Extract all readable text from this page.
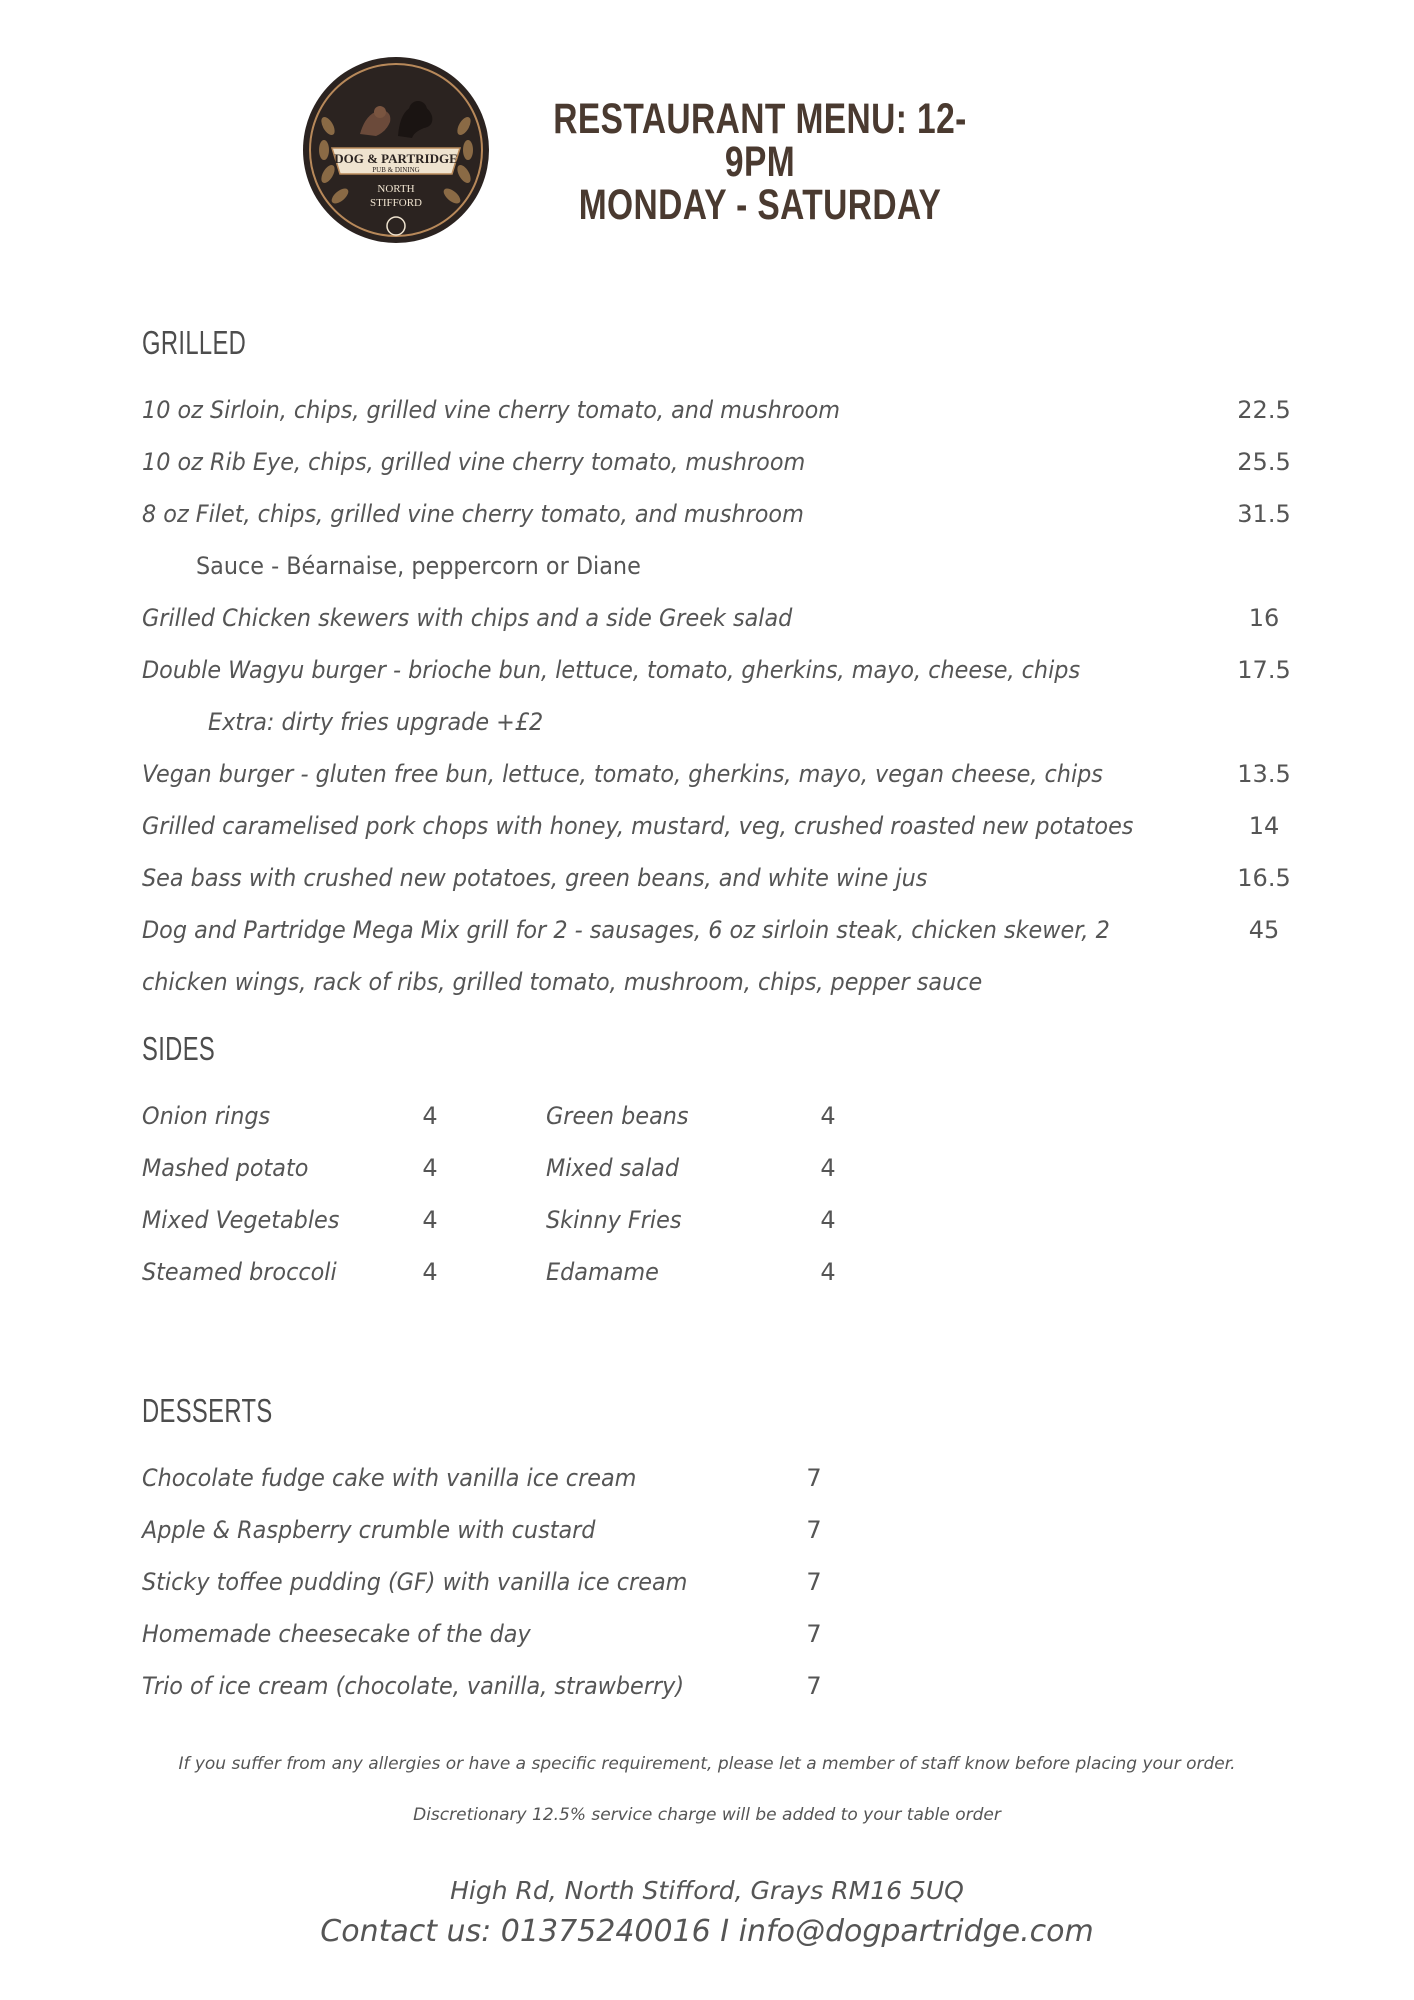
DOG & PARTRIDGE
PUB & DINING
NORTH
STIFFORD
RESTAURANT MENU: 12-9PM
MONDAY - SATURDAY
GRILLED
10 oz Sirloin, chips, grilled vine cherry tomato, and mushroom	22.5
10 oz Rib Eye, chips, grilled vine cherry tomato, mushroom	25.5
8 oz Filet, chips, grilled vine cherry tomato, and mushroom	31.5
Sauce - Béarnaise, peppercorn or Diane
Grilled Chicken skewers with chips and a side Greek salad	16
Double Wagyu burger - brioche bun, lettuce, tomato, gherkins, mayo, cheese, chips	17.5
Extra: dirty fries upgrade +£2
Vegan burger - gluten free bun, lettuce, tomato, gherkins, mayo, vegan cheese, chips	13.5
Grilled caramelised pork chops with honey, mustard, veg, crushed roasted new potatoes	14
Sea bass with crushed new potatoes, green beans, and white wine jus	16.5
Dog and Partridge Mega Mix grill for 2 - sausages, 6 oz sirloin steak, chicken skewer, 2	45
chicken wings, rack of ribs, grilled tomato, mushroom, chips, pepper sauce
SIDES
Onion rings	4
Mashed potato	4
Mixed Vegetables	4
Steamed broccoli	4
Green beans	4
Mixed salad	4
Skinny Fries	4
Edamame	4
DESSERTS
Chocolate fudge cake with vanilla ice cream	7
Apple & Raspberry crumble with custard	7
Sticky toffee pudding (GF) with vanilla ice cream	7
Homemade cheesecake of the day	7
Trio of ice cream (chocolate, vanilla, strawberry)	7
If you suffer from any allergies or have a specific requirement, please let a member of staff know before placing your order.
Discretionary 12.5% service charge will be added to your table order
High Rd, North Stifford, Grays RM16 5UQ
Contact us: 01375240016 I info@dogpartridge.com
